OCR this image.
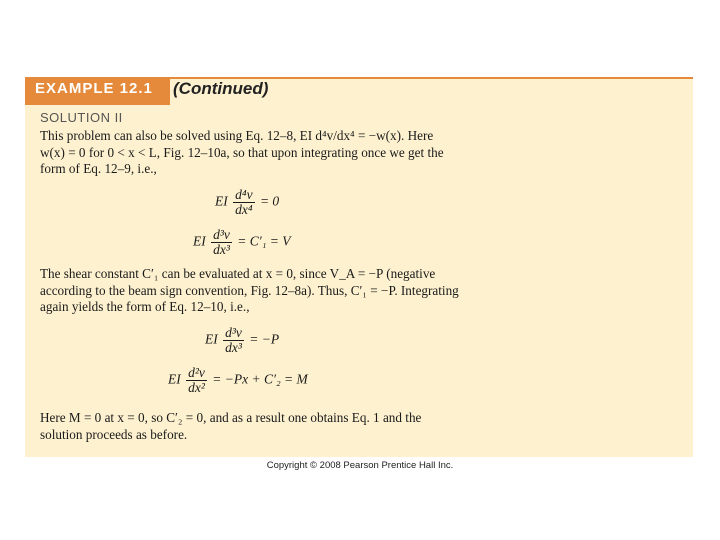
EXAMPLE 12.1 (Continued)
SOLUTION II
This problem can also be solved using Eq. 12–8, EI d⁴v/dx⁴ = −w(x). Here w(x) = 0 for 0 < x < L, Fig. 12–10a, so that upon integrating once we get the form of Eq. 12–9, i.e.,
EI $\frac{\text{d⁴v}}{\text{dx⁴}} = 0$
EI $\frac{\text{d³v}}{\text{dx³}} = C'_1 = V$
The shear constant C′₁ can be evaluated at x = 0, since V_A = −P (negative according to the beam sign convention, Fig. 12–8a). Thus, C′₁ = −P. Integrating again yields the form of Eq. 12–10, i.e.,
EI $\frac{\text{d³v}}{\text{dx³}} = -P$
EI $\frac{\text{d²v}}{\text{dx²}} = -Px + C'_2 = M$
Here M = 0 at x = 0, so C′₂ = 0, and as a result one obtains Eq. 1 and the solution proceeds as before.
Copyright © 2008 Pearson Prentice Hall Inc.
